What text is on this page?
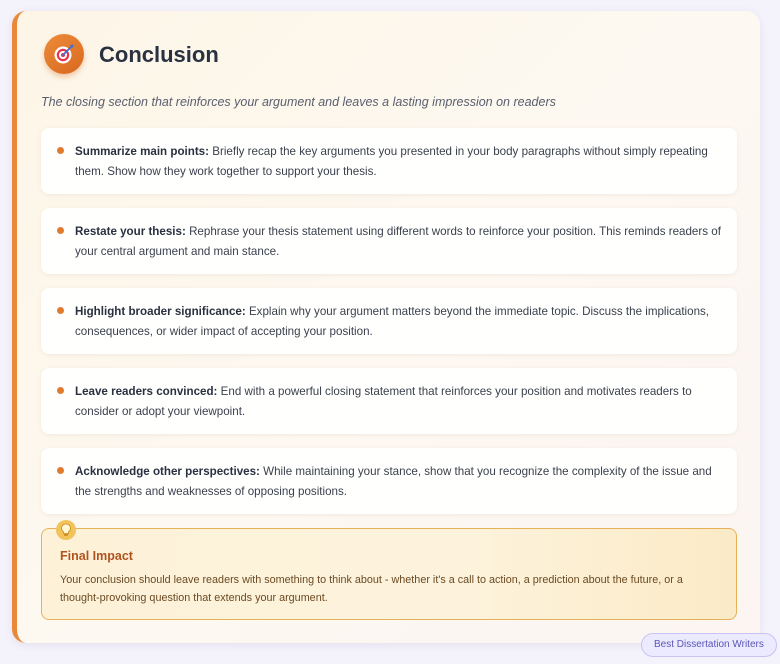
Conclusion

The closing section that reinforces your argument and leaves a lasting impression on readers

Summarize main points: Briefly recap the key arguments you presented in your body paragraphs without simply repeating them. Show how they work together to support your thesis.
Restate your thesis: Rephrase your thesis statement using different words to reinforce your position. This reminds readers of your central argument and main stance.
Highlight broader significance: Explain why your argument matters beyond the immediate topic. Discuss the implications, consequences, or wider impact of accepting your position.
Leave readers convinced: End with a powerful closing statement that reinforces your position and motivates readers to consider or adopt your viewpoint.
Acknowledge other perspectives: While maintaining your stance, show that you recognize the complexity of the issue and the strengths and weaknesses of opposing positions.

Final Impact

Your conclusion should leave readers with something to think about - whether it's a call to action, a prediction about the future, or a thought-provoking question that extends your argument.

Best Dissertation Writers
